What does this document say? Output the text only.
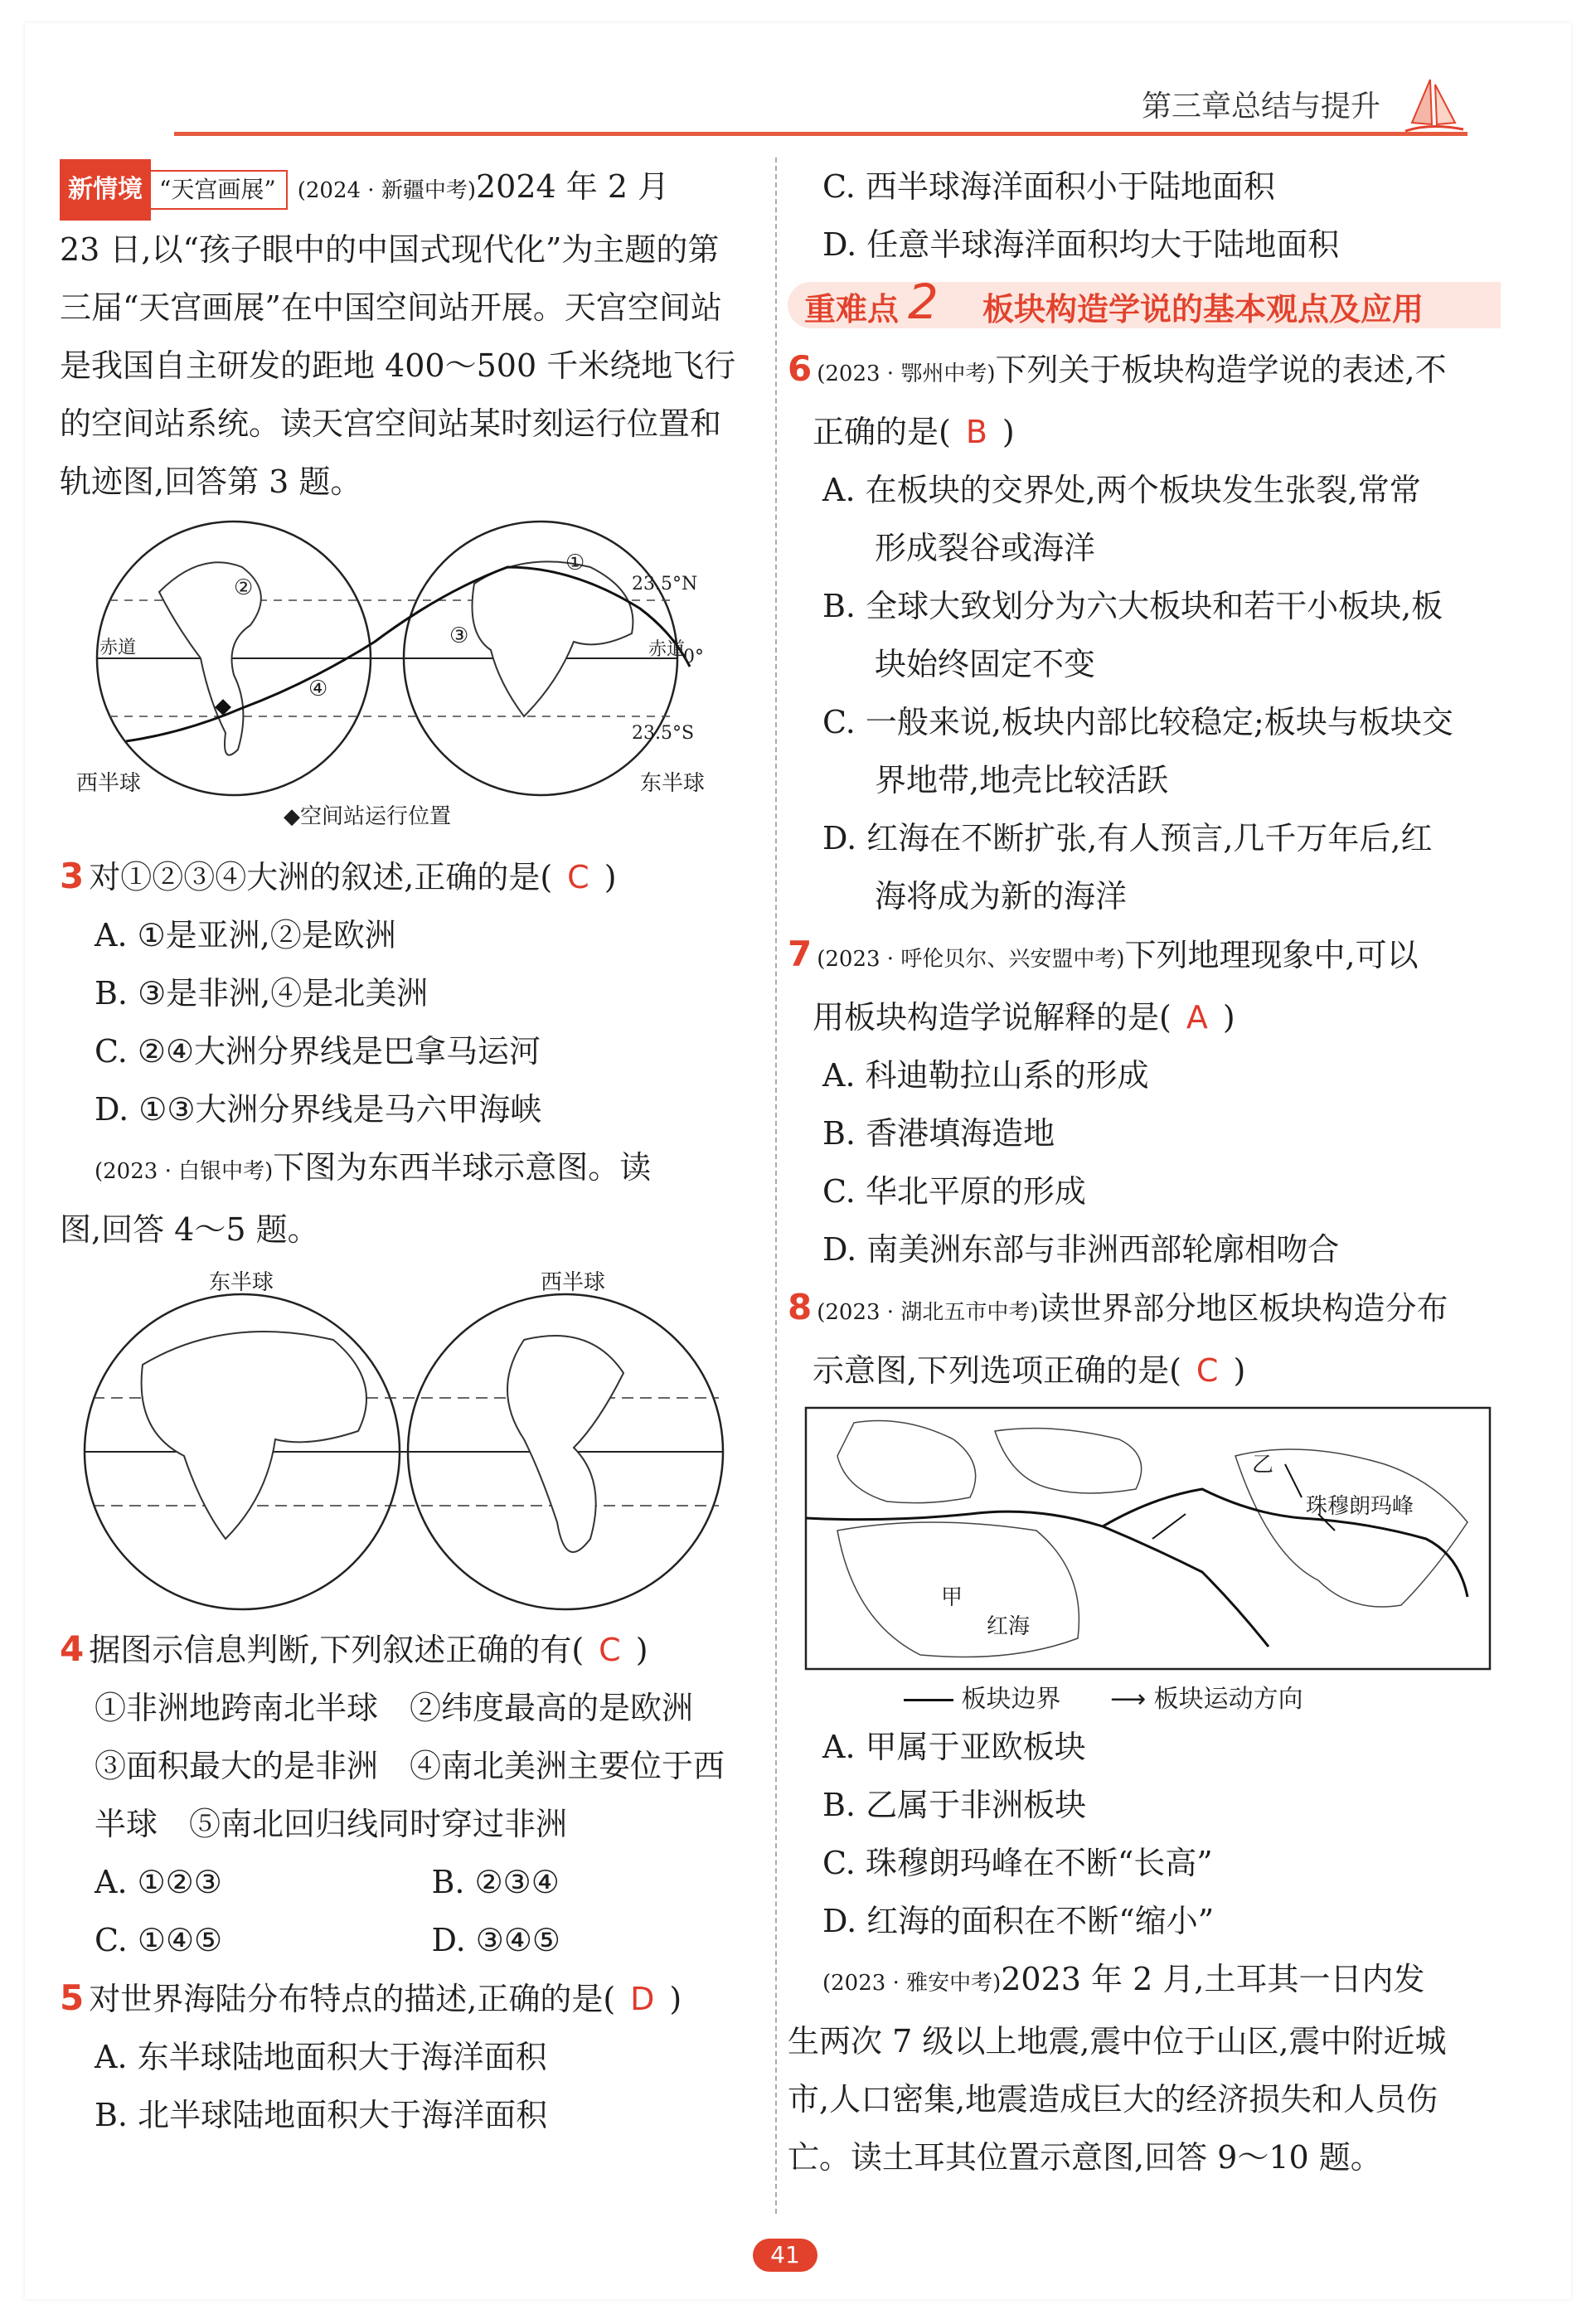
第三章总结与提升
新情境 “天宫画展” (2024 · 新疆中考)2024 年 2 月
23 日,以“孩子眼中的中国式现代化”为主题的第
三届“天宫画展”在中国空间站开展。天宫空间站
是我国自主研发的距地 400～500 千米绕地飞行
的空间站系统。读天宫空间站某时刻运行位置和
轨迹图,回答第 3 题。
23.5°N
0°
23.5°S
赤道	赤道
①
②
③
④
西半球	东半球
◆空间站运行位置
3 对①②③④大洲的叙述,正确的是( C )
A. ①是亚洲,②是欧洲
B. ③是非洲,④是北美洲
C. ②④大洲分界线是巴拿马运河
D. ①③大洲分界线是马六甲海峡
(2023 · 白银中考)下图为东西半球示意图。读
图,回答 4～5 题。
东半球	西半球
4 据图示信息判断,下列叙述正确的有( C )
①非洲地跨南北半球　②纬度最高的是欧洲
③面积最大的是非洲　④南北美洲主要位于西
半球　⑤南北回归线同时穿过非洲
A. ①②③	B. ②③④
C. ①④⑤	D. ③④⑤
5 对世界海陆分布特点的描述,正确的是( D )
A. 东半球陆地面积大于海洋面积
B. 北半球陆地面积大于海洋面积
C. 西半球海洋面积小于陆地面积
D. 任意半球海洋面积均大于陆地面积
重难点 2 板块构造学说的基本观点及应用
6 (2023 · 鄂州中考)下列关于板块构造学说的表述,不
正确的是( B )
A. 在板块的交界处,两个板块发生张裂,常常
形成裂谷或海洋
B. 全球大致划分为六大板块和若干小板块,板
块始终固定不变
C. 一般来说,板块内部比较稳定;板块与板块交
界地带,地壳比较活跃
D. 红海在不断扩张,有人预言,几千万年后,红
海将成为新的海洋
7 (2023 · 呼伦贝尔、兴安盟中考)下列地理现象中,可以
用板块构造学说解释的是( A )
A. 科迪勒拉山系的形成
B. 香港填海造地
C. 华北平原的形成
D. 南美洲东部与非洲西部轮廓相吻合
8 (2023 · 湖北五市中考)读世界部分地区板块构造分布
示意图,下列选项正确的是( C )
甲
乙
红海
珠穆朗玛峰
板块边界 ⟶ 板块运动方向
A. 甲属于亚欧板块
B. 乙属于非洲板块
C. 珠穆朗玛峰在不断“长高”
D. 红海的面积在不断“缩小”
(2023 · 雅安中考)2023 年 2 月,土耳其一日内发
生两次 7 级以上地震,震中位于山区,震中附近城
市,人口密集,地震造成巨大的经济损失和人员伤
亡。读土耳其位置示意图,回答 9～10 题。
41
